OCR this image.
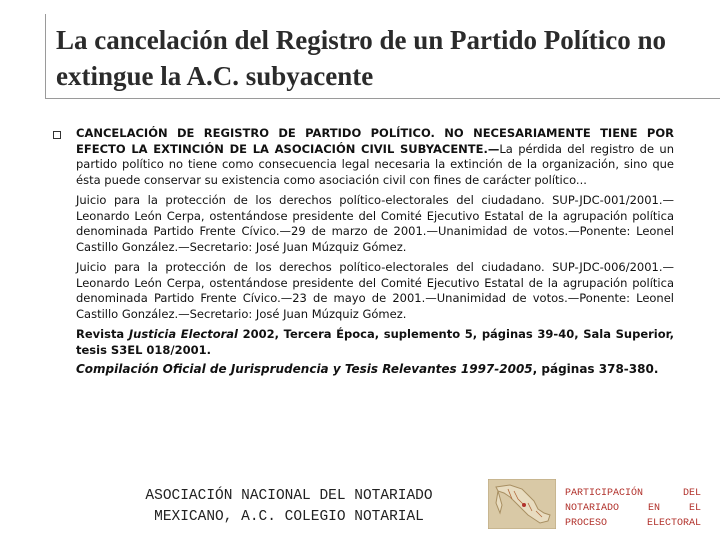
La cancelación del Registro de un Partido Político no extingue la A.C. subyacente

CANCELACIÓN DE REGISTRO DE PARTIDO POLÍTICO. NO NECESARIAMENTE TIENE POR EFECTO LA EXTINCIÓN DE LA ASOCIACIÓN CIVIL SUBYACENTE.—La pérdida del registro de un partido político no tiene como consecuencia legal necesaria la extinción de la organización, sino que ésta puede conservar su existencia como asociación civil con fines de carácter político...

Juicio para la protección de los derechos político-electorales del ciudadano. SUP-JDC-001/2001.—Leonardo León Cerpa, ostentándose presidente del Comité Ejecutivo Estatal de la agrupación política denominada Partido Frente Cívico.—29 de marzo de 2001.—Unanimidad de votos.—Ponente: Leonel Castillo González.—Secretario: José Juan Múzquiz Gómez.

Juicio para la protección de los derechos político-electorales del ciudadano. SUP-JDC-006/2001.—Leonardo León Cerpa, ostentándose presidente del Comité Ejecutivo Estatal de la agrupación política denominada Partido Frente Cívico.—23 de mayo de 2001.—Unanimidad de votos.—Ponente: Leonel Castillo González.—Secretario: José Juan Múzquiz Gómez.

Revista Justicia Electoral 2002, Tercera Época, suplemento 5, páginas 39-40, Sala Superior, tesis S3EL 018/2001.

Compilación Oficial de Jurisprudencia y Tesis Relevantes 1997-2005, páginas 378-380.

ASOCIACIÓN NACIONAL DEL NOTARIADO
MEXICANO, A.C. COLEGIO NOTARIAL
PARTICIPACIÓN DEL
NOTARIADO EN EL
PROCESO ELECTORAL
